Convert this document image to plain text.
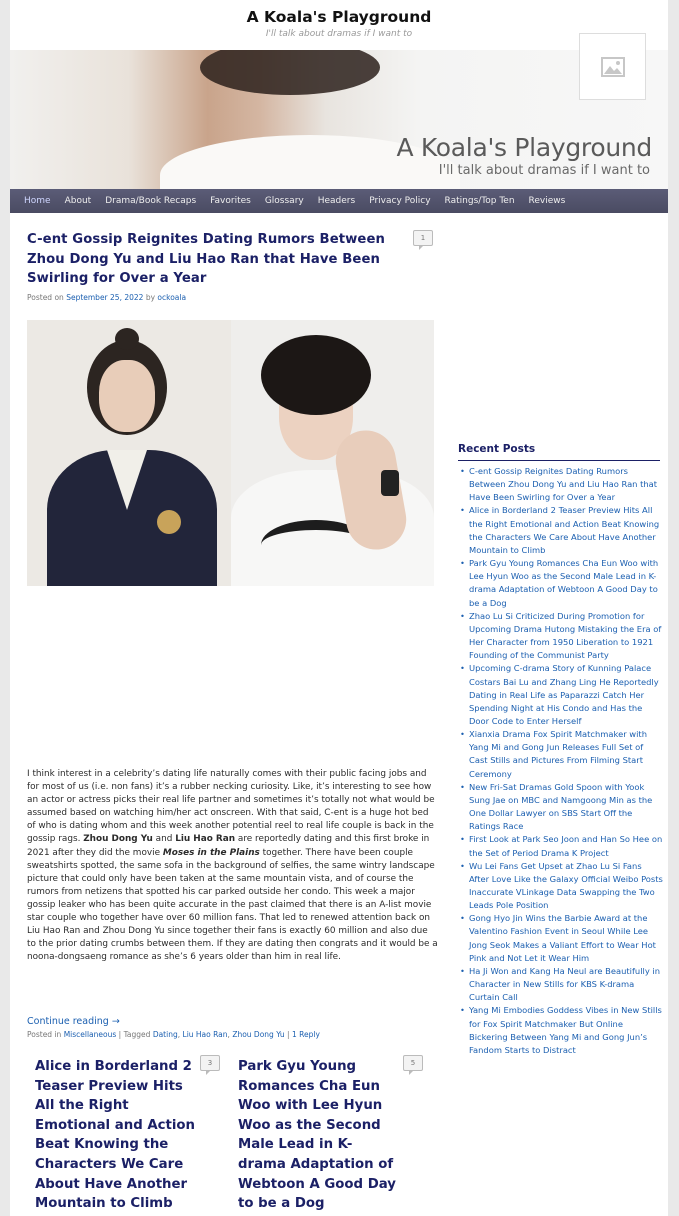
A Koala's Playground
I'll talk about dramas if I want to
A Koala's Playground
I'll talk about dramas if I want to
Home	About	Drama/Book Recaps	Favorites	Glossary	Headers	Privacy Policy	Ratings/Top Ten	Reviews
C-ent Gossip Reignites Dating Rumors Between Zhou Dong Yu and Liu Hao Ran that Have Been Swirling for Over a Year
1
Posted on September 25, 2022 by ockoala

I think interest in a celebrity’s dating life naturally comes with their public facing jobs and for most of us (i.e. non fans) it’s a rubber necking curiosity. Like, it’s interesting to see how an actor or actress picks their real life partner and sometimes it’s totally not what would be assumed based on watching him/her act onscreen. With that said, C-ent is a huge hot bed of who is dating whom and this week another potential reel to real life couple is back in the gossip rags. Zhou Dong Yu and Liu Hao Ran are reportedly dating and this first broke in 2021 after they did the movie Moses in the Plains together. There have been couple sweatshirts spotted, the same sofa in the background of selfies, the same wintry landscape picture that could only have been taken at the same mountain vista, and of course the rumors from netizens that spotted his car parked outside her condo. This week a major gossip leaker who has been quite accurate in the past claimed that there is an A-list movie star couple who together have over 60 million fans. That led to renewed attention back on Liu Hao Ran and Zhou Dong Yu since together their fans is exactly 60 million and also due to the prior dating crumbs between them. If they are dating then congrats and it would be a noona-dongsaeng romance as she’s 6 years older than him in real life.

Continue reading →
Posted in Miscellaneous | Tagged Dating, Liu Hao Ran, Zhou Dong Yu | 1 Reply
Alice in Borderland 2 Teaser Preview Hits All the Right Emotional and Action Beat Knowing the Characters We Care About Have Another Mountain to Climb
3	Park Gyu Young Romances Cha Eun Woo with Lee Hyun Woo as the Second Male Lead in K-drama Adaptation of Webtoon A Good Day to be a Dog
5
Recent Posts
• C-ent Gossip Reignites Dating Rumors Between Zhou Dong Yu and Liu Hao Ran that Have Been Swirling for Over a Year
• Alice in Borderland 2 Teaser Preview Hits All the Right Emotional and Action Beat Knowing the Characters We Care About Have Another Mountain to Climb
• Park Gyu Young Romances Cha Eun Woo with Lee Hyun Woo as the Second Male Lead in K-drama Adaptation of Webtoon A Good Day to be a Dog
• Zhao Lu Si Criticized During Promotion for Upcoming Drama Hutong Mistaking the Era of Her Character from 1950 Liberation to 1921 Founding of the Communist Party
• Upcoming C-drama Story of Kunning Palace Costars Bai Lu and Zhang Ling He Reportedly Dating in Real Life as Paparazzi Catch Her Spending Night at His Condo and Has the Door Code to Enter Herself
• Xianxia Drama Fox Spirit Matchmaker with Yang Mi and Gong Jun Releases Full Set of Cast Stills and Pictures From Filming Start Ceremony
• New Fri-Sat Dramas Gold Spoon with Yook Sung Jae on MBC and Namgoong Min as the One Dollar Lawyer on SBS Start Off the Ratings Race
• First Look at Park Seo Joon and Han So Hee on the Set of Period Drama K Project
• Wu Lei Fans Get Upset at Zhao Lu Si Fans After Love Like the Galaxy Official Weibo Posts Inaccurate VLinkage Data Swapping the Two Leads Pole Position
• Gong Hyo Jin Wins the Barbie Award at the Valentino Fashion Event in Seoul While Lee Jong Seok Makes a Valiant Effort to Wear Hot Pink and Not Let it Wear Him
• Ha Ji Won and Kang Ha Neul are Beautifully in Character in New Stills for KBS K-drama Curtain Call
• Yang Mi Embodies Goddess Vibes in New Stills for Fox Spirit Matchmaker But Online Bickering Between Yang Mi and Gong Jun’s Fandom Starts to Distract
